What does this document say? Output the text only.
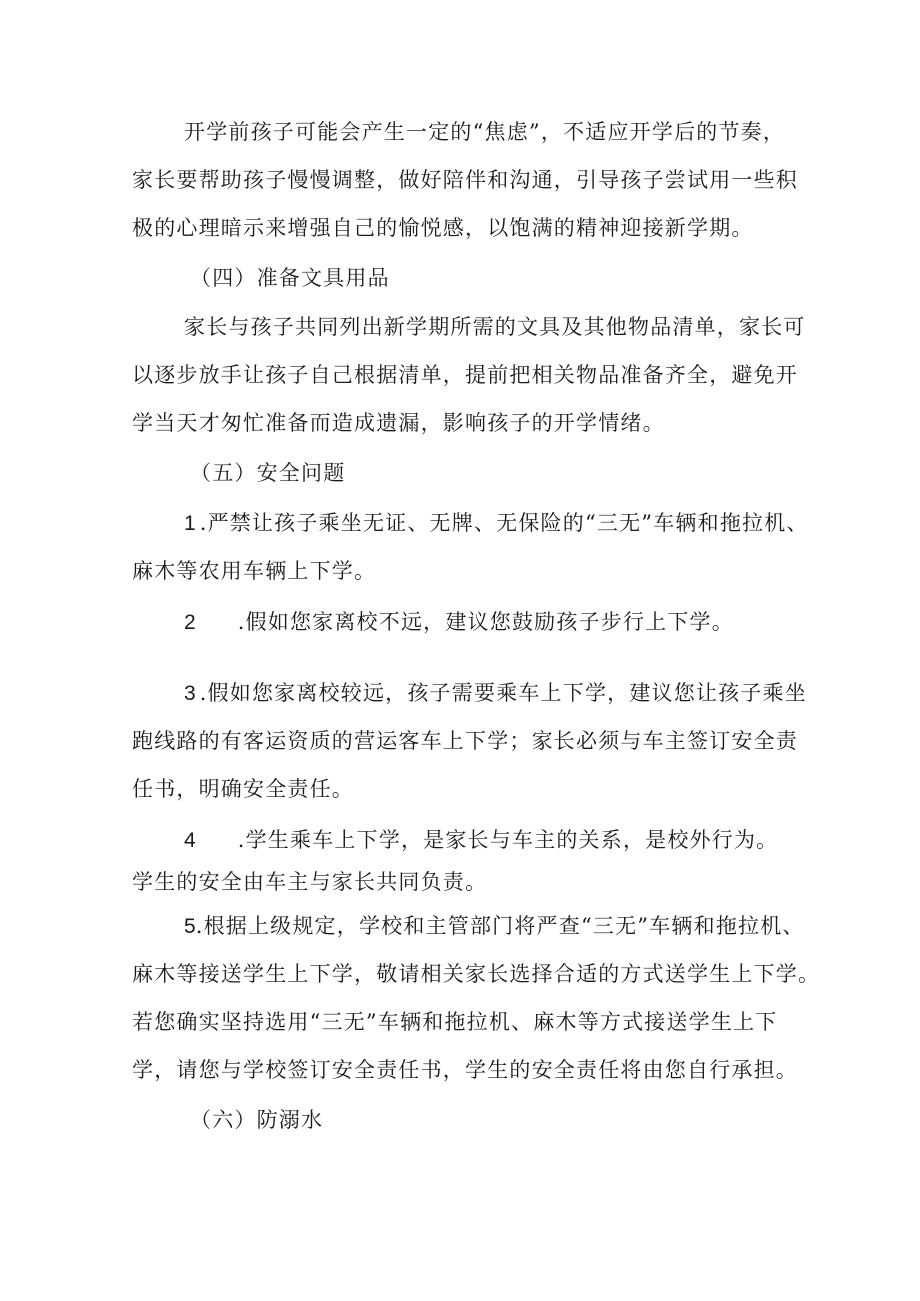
开学前孩子可能会产生一定的“焦虑”，不适应开学后的节奏，
家长要帮助孩子慢慢调整，做好陪伴和沟通，引导孩子尝试用一些积
极的心理暗示来增强自己的愉悦感，以饱满的精神迎接新学期。
（四）准备文具用品
家长与孩子共同列出新学期所需的文具及其他物品清单，家长可
以逐步放手让孩子自己根据清单，提前把相关物品准备齐全，避免开
学当天才匆忙准备而造成遗漏，影响孩子的开学情绪。
（五）安全问题
1 .严禁让孩子乘坐无证、无牌、无保险的“三无”车辆和拖拉机、
麻木等农用车辆上下学。
2 .假如您家离校不远，建议您鼓励孩子步行上下学。
3 .假如您家离校较远，孩子需要乘车上下学，建议您让孩子乘坐
跑线路的有客运资质的营运客车上下学；家长必须与车主签订安全责
任书，明确安全责任。
4 .学生乘车上下学，是家长与车主的关系，是校外行为。
学生的安全由车主与家长共同负责。
5.根据上级规定，学校和主管部门将严查“三无”车辆和拖拉机、
麻木等接送学生上下学，敬请相关家长选择合适的方式送学生上下学。
若您确实坚持选用“三无”车辆和拖拉机、麻木等方式接送学生上下
学，请您与学校签订安全责任书，学生的安全责任将由您自行承担。
（六）防溺水
